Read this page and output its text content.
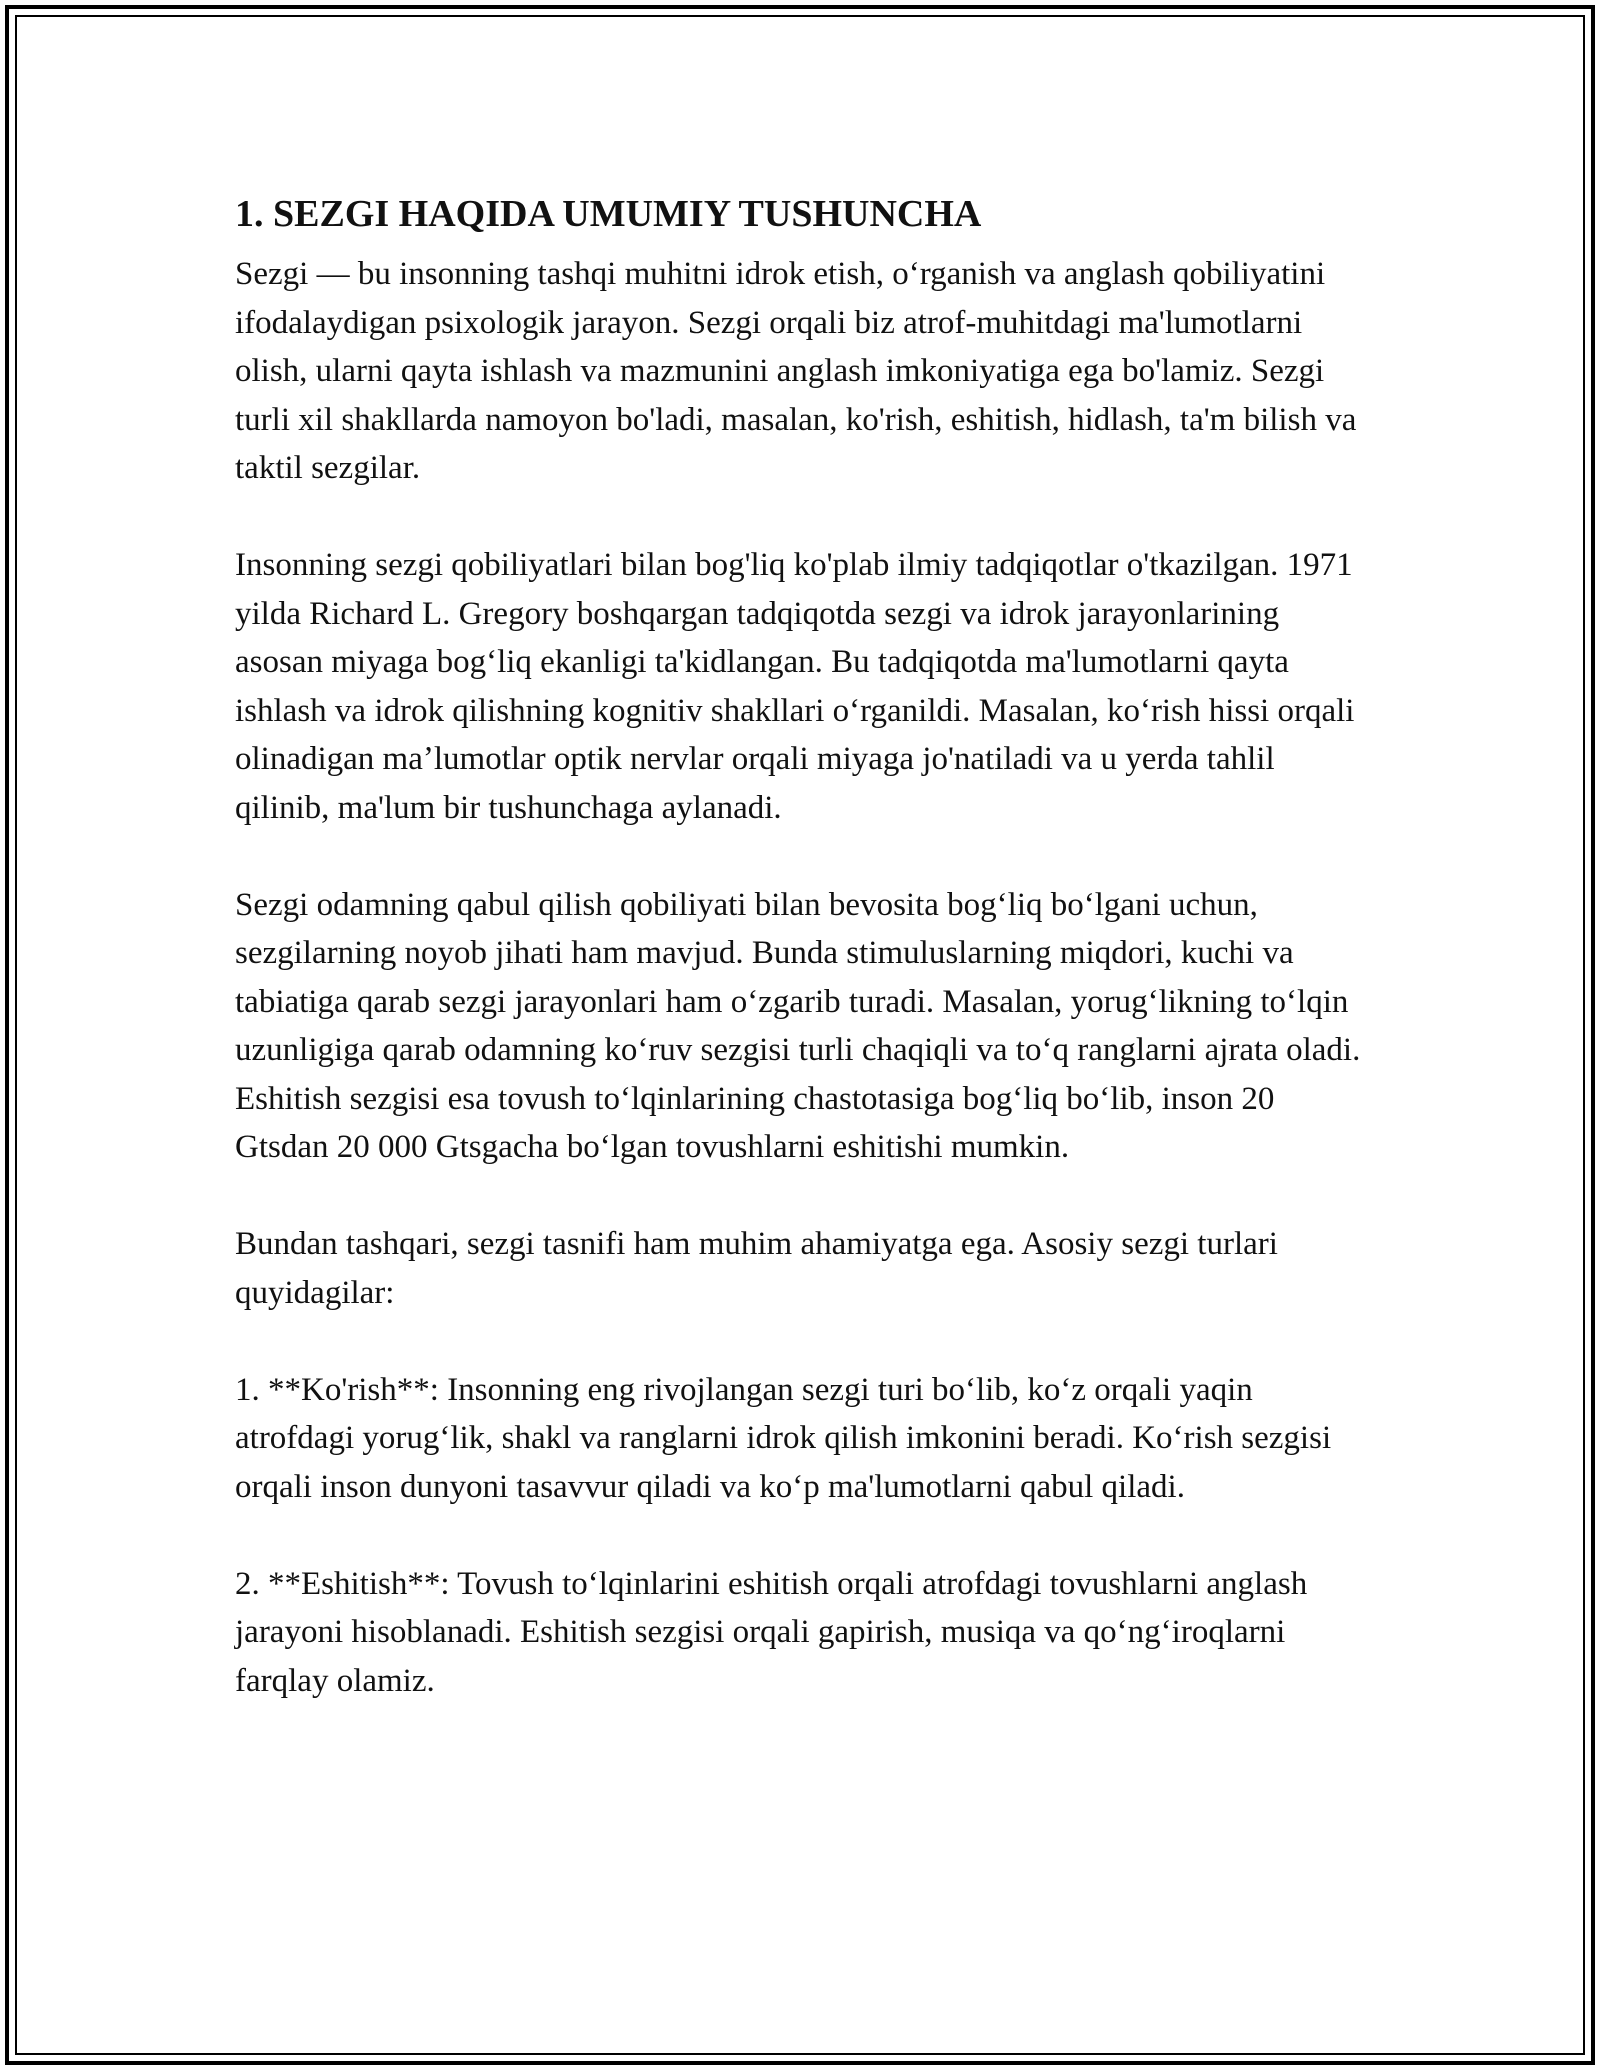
1. SEZGI HAQIDA UMUMIY TUSHUNCHA

Sezgi — bu insonning tashqi muhitni idrok etish, oʻrganish va anglash qobiliyatini ifodalaydigan psixologik jarayon. Sezgi orqali biz atrof-muhitdagi ma'lumotlarni olish, ularni qayta ishlash va mazmunini anglash imkoniyatiga ega bo'lamiz. Sezgi turli xil shakllarda namoyon bo'ladi, masalan, ko'rish, eshitish, hidlash, ta'm bilish va taktil sezgilar.

Insonning sezgi qobiliyatlari bilan bog'liq ko'plab ilmiy tadqiqotlar o'tkazilgan. 1971 yilda Richard L. Gregory boshqargan tadqiqotda sezgi va idrok jarayonlarining asosan miyaga bogʻliq ekanligi ta'kidlangan. Bu tadqiqotda ma'lumotlarni qayta ishlash va idrok qilishning kognitiv shakllari oʻrganildi. Masalan, koʻrish hissi orqali olinadigan maʼlumotlar optik nervlar orqali miyaga jo'natiladi va u yerda tahlil qilinib, ma'lum bir tushunchaga aylanadi.

Sezgi odamning qabul qilish qobiliyati bilan bevosita bogʻliq boʻlgani uchun, sezgilarning noyob jihati ham mavjud. Bunda stimuluslarning miqdori, kuchi va tabiatiga qarab sezgi jarayonlari ham oʻzgarib turadi. Masalan, yorugʻlikning toʻlqin uzunligiga qarab odamning koʻruv sezgisi turli chaqiqli va toʻq ranglarni ajrata oladi. Eshitish sezgisi esa tovush toʻlqinlarining chastotasiga bogʻliq boʻlib, inson 20 Gtsdan 20 000 Gtsgacha boʻlgan tovushlarni eshitishi mumkin.

Bundan tashqari, sezgi tasnifi ham muhim ahamiyatga ega. Asosiy sezgi turlari quyidagilar:

1. **Ko'rish**: Insonning eng rivojlangan sezgi turi boʻlib, koʻz orqali yaqin atrofdagi yorugʻlik, shakl va ranglarni idrok qilish imkonini beradi. Koʻrish sezgisi orqali inson dunyoni tasavvur qiladi va koʻp ma'lumotlarni qabul qiladi.

2. **Eshitish**: Tovush toʻlqinlarini eshitish orqali atrofdagi tovushlarni anglash jarayoni hisoblanadi. Eshitish sezgisi orqali gapirish, musiqa va qoʻngʻiroqlarni farqlay olamiz.
